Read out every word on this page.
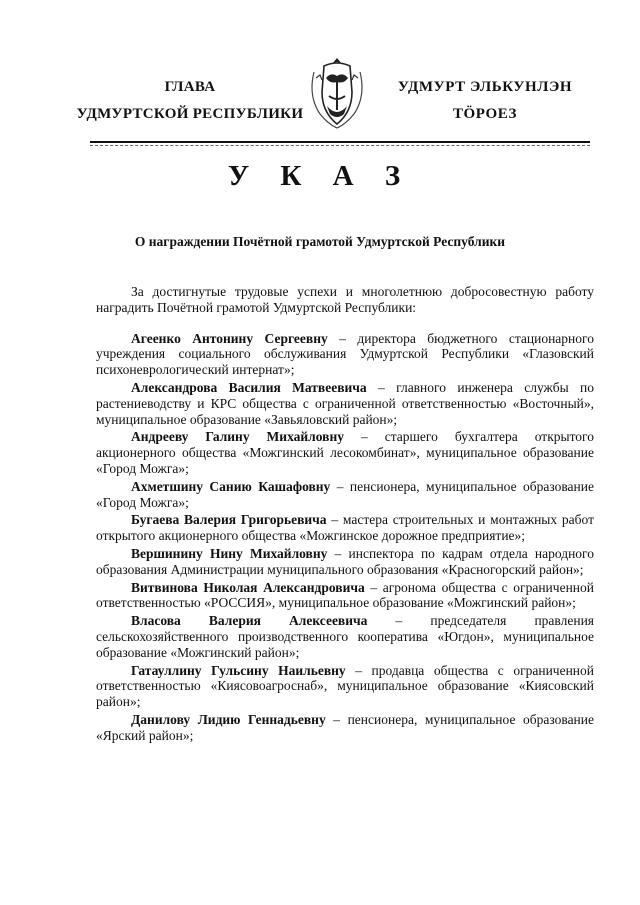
ГЛАВА
УДМУРТСКОЙ РЕСПУБЛИКИ
УДМУРТ ЭЛЬКУНЛЭН
ТӦРОЕЗ
У К А З
О награждении Почётной грамотой Удмуртской Республики

За достигнутые трудовые успехи и многолетнюю добросовестную работу наградить Почётной грамотой Удмуртской Республики:

Агеенко Антонину Сергеевну – директора бюджетного стационарного учреждения социального обслуживания Удмуртской Республики «Глазовский психоневрологический интернат»;

Александрова Василия Матвеевича – главного инженера службы по растениеводству и КРС общества с ограниченной ответственностью «Восточный», муниципальное образование «Завьяловский район»;

Андрееву Галину Михайловну – старшего бухгалтера открытого акционерного общества «Можгинский лесокомбинат», муниципальное образование «Город Можга»;

Ахметшину Санию Кашафовну – пенсионера, муниципальное образование «Город Можга»;

Бугаева Валерия Григорьевича – мастера строительных и монтажных работ открытого акционерного общества «Можгинское дорожное предприятие»;

Вершинину Нину Михайловну – инспектора по кадрам отдела народного образования Администрации муниципального образования «Красногорский район»;

Витвинова Николая Александровича – агронома общества с ограниченной ответственностью «РОССИЯ», муниципальное образование «Можгинский район»;

Власова Валерия Алексеевича – председателя правления сельскохозяйственного производственного кооператива «Югдон», муниципальное образование «Можгинский район»;

Гатауллину Гульсину Наильевну – продавца общества с ограниченной ответственностью «Киясовоагроснаб», муниципальное образование «Киясовский район»;

Данилову Лидию Геннадьевну – пенсионера, муниципальное образование «Ярский район»;
